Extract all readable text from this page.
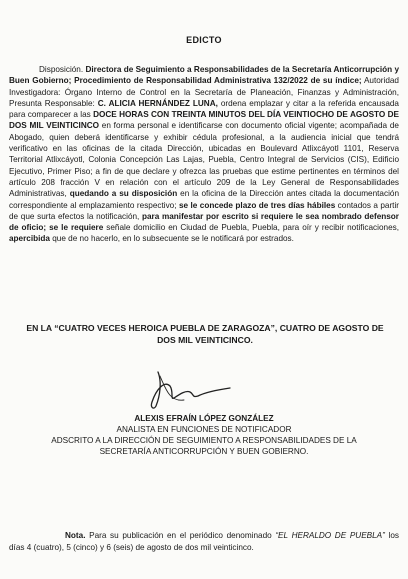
EDICTO
Disposición. Directora de Seguimiento a Responsabilidades de la Secretaría Anticorrupción y Buen Gobierno; Procedimiento de Responsabilidad Administrativa 132/2022 de su índice; Autoridad Investigadora: Órgano Interno de Control en la Secretaría de Planeación, Finanzas y Administración, Presunta Responsable: C. ALICIA HERNÁNDEZ LUNA, ordena emplazar y citar a la referida encausada para comparecer a las DOCE HORAS CON TREINTA MINUTOS DEL DÍA VEINTIOCHO DE AGOSTO DE DOS MIL VEINTICINCO en forma personal e identificarse con documento oficial vigente; acompañada de Abogado, quien deberá identificarse y exhibir cédula profesional, a la audiencia inicial que tendrá verificativo en las oficinas de la citada Dirección, ubicadas en Boulevard Atlixcáyotl 1101, Reserva Territorial Atlixcáyotl, Colonia Concepción Las Lajas, Puebla, Centro Integral de Servicios (CIS), Edificio Ejecutivo, Primer Piso; a fin de que declare y ofrezca las pruebas que estime pertinentes en términos del artículo 208 fracción V en relación con el artículo 209 de la Ley General de Responsabilidades Administrativas, quedando a su disposición en la oficina de la Dirección antes citada la documentación correspondiente al emplazamiento respectivo; se le concede plazo de tres días hábiles contados a partir de que surta efectos la notificación, para manifestar por escrito si requiere le sea nombrado defensor de oficio; se le requiere señale domicilio en Ciudad de Puebla, Puebla, para oír y recibir notificaciones, apercibida que de no hacerlo, en lo subsecuente se le notificará por estrados.
EN LA “CUATRO VECES HEROICA PUEBLA DE ZARAGOZA”, CUATRO DE AGOSTO DE DOS MIL VEINTICINCO.
ALEXIS EFRAÍN LÓPEZ GONZÁLEZ
ANALISTA EN FUNCIONES DE NOTIFICADOR
ADSCRITO A LA DIRECCIÓN DE SEGUIMIENTO A RESPONSABILIDADES DE LA
SECRETARÍA ANTICORRUPCIÓN Y BUEN GOBIERNO.
Nota. Para su publicación en el periódico denominado “EL HERALDO DE PUEBLA” los días 4 (cuatro), 5 (cinco) y 6 (seis) de agosto de dos mil veinticinco.
